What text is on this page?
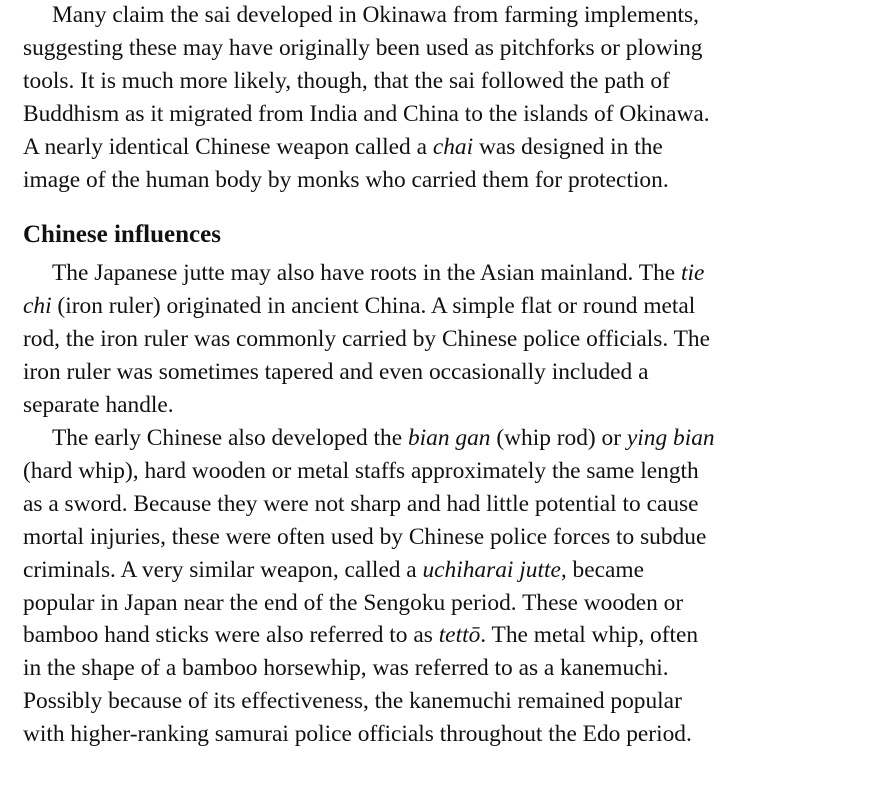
Many claim the sai developed in Okinawa from farming implements,
suggesting these may have originally been used as pitchforks or plowing
tools. It is much more likely, though, that the sai followed the path of
Buddhism as it migrated from India and China to the islands of Okinawa.
A nearly identical Chinese weapon called a chai was designed in the
image of the human body by monks who carried them for protection.
Chinese influences
The Japanese jutte may also have roots in the Asian mainland. The tie
chi (iron ruler) originated in ancient China. A simple flat or round metal
rod, the iron ruler was commonly carried by Chinese police officials. The
iron ruler was sometimes tapered and even occasionally included a
separate handle.
The early Chinese also developed the bian gan (whip rod) or ying bian
(hard whip), hard wooden or metal staffs approximately the same length
as a sword. Because they were not sharp and had little potential to cause
mortal injuries, these were often used by Chinese police forces to subdue
criminals. A very similar weapon, called a uchiharai jutte, became
popular in Japan near the end of the Sengoku period. These wooden or
bamboo hand sticks were also referred to as tettō. The metal whip, often
in the shape of a bamboo horsewhip, was referred to as a kanemuchi.
Possibly because of its effectiveness, the kanemuchi remained popular
with higher-ranking samurai police officials throughout the Edo period.
